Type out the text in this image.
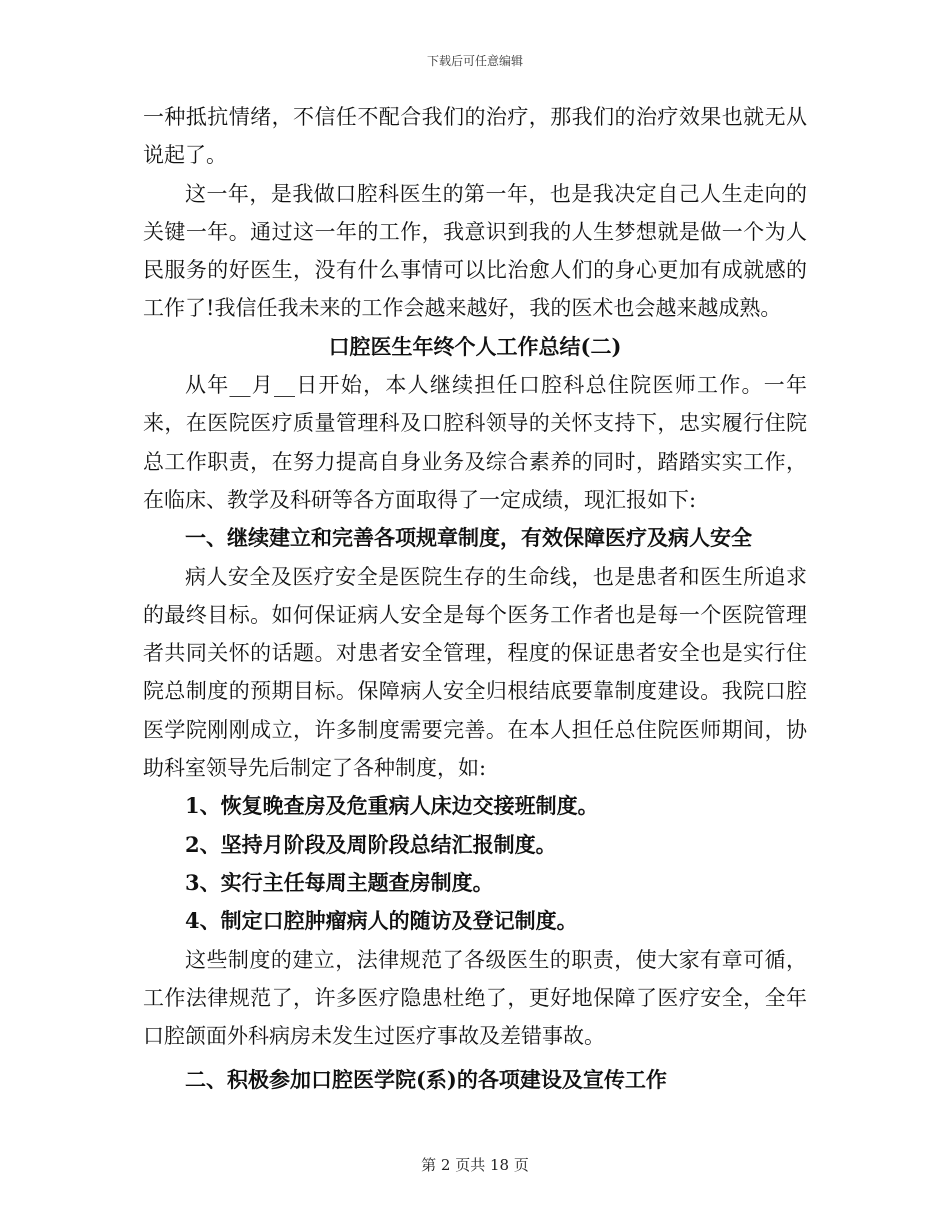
下载后可任意编辑

一种抵抗情绪，不信任不配合我们的治疗，那我们的治疗效果也就无从说起了。

这一年，是我做口腔科医生的第一年，也是我决定自己人生走向的关键一年。通过这一年的工作，我意识到我的人生梦想就是做一个为人民服务的好医生，没有什么事情可以比治愈人们的身心更加有成就感的工作了!我信任我未来的工作会越来越好，我的医术也会越来越成熟。

口腔医生年终个人工作总结(二)

从年__月__日开始，本人继续担任口腔科总住院医师工作。一年来，在医院医疗质量管理科及口腔科领导的关怀支持下，忠实履行住院总工作职责，在努力提高自身业务及综合素养的同时，踏踏实实工作，在临床、教学及科研等各方面取得了一定成绩，现汇报如下:

一、继续建立和完善各项规章制度，有效保障医疗及病人安全

病人安全及医疗安全是医院生存的生命线，也是患者和医生所追求的最终目标。如何保证病人安全是每个医务工作者也是每一个医院管理者共同关怀的话题。对患者安全管理，程度的保证患者安全也是实行住院总制度的预期目标。保障病人安全归根结底要靠制度建设。我院口腔医学院刚刚成立，许多制度需要完善。在本人担任总住院医师期间，协助科室领导先后制定了各种制度，如:

1、恢复晚查房及危重病人床边交接班制度。

2、坚持月阶段及周阶段总结汇报制度。

3、实行主任每周主题查房制度。

4、制定口腔肿瘤病人的随访及登记制度。

这些制度的建立，法律规范了各级医生的职责，使大家有章可循，工作法律规范了，许多医疗隐患杜绝了，更好地保障了医疗安全，全年口腔颌面外科病房未发生过医疗事故及差错事故。

二、积极参加口腔医学院(系)的各项建设及宣传工作

第 2 页共 18 页
